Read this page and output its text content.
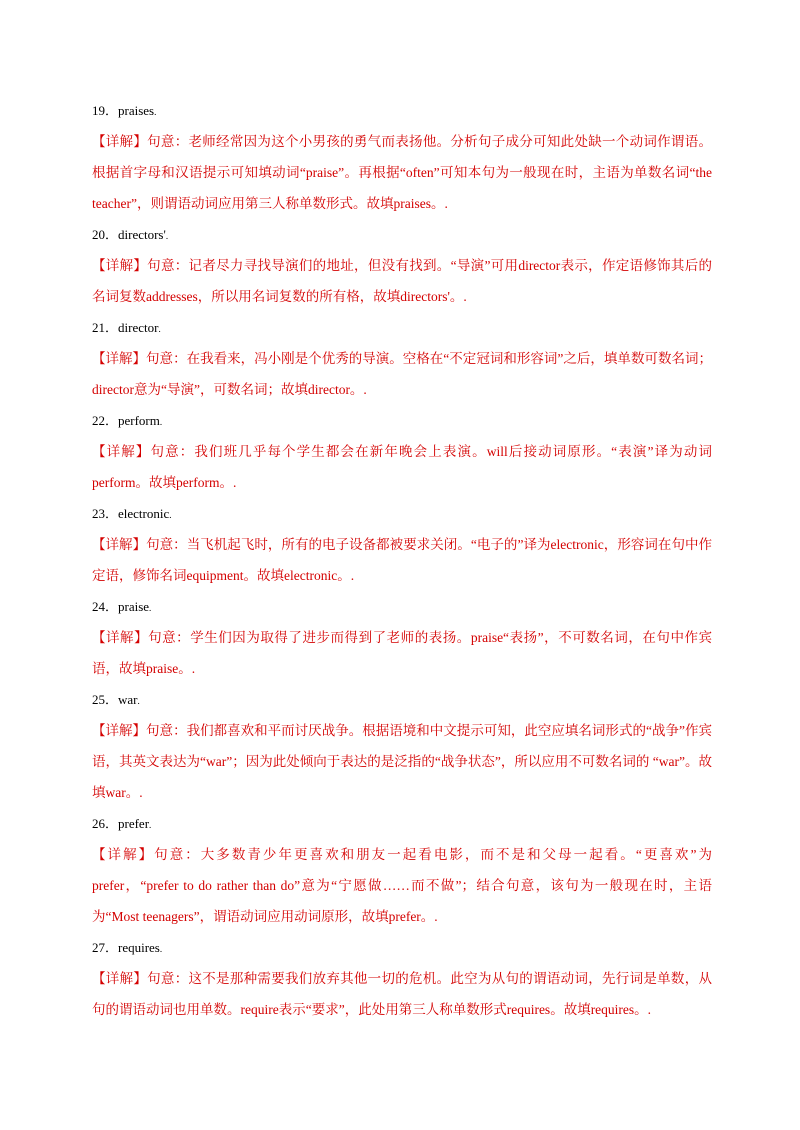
19．praises.
【详解】句意：老师经常因为这个小男孩的勇气而表扬他。分析句子成分可知此处缺一个动词作谓语。根据首字母和汉语提示可知填动词“praise”。再根据“often”可知本句为一般现在时，主语为单数名词“the teacher”，则谓语动词应用第三人称单数形式。故填praises。.
20．directors'.
【详解】句意：记者尽力寻找导演们的地址，但没有找到。“导演”可用director表示，作定语修饰其后的名词复数addresses，所以用名词复数的所有格，故填directors'。.
21．director.
【详解】句意：在我看来，冯小刚是个优秀的导演。空格在“不定冠词和形容词”之后，填单数可数名词；director意为“导演”，可数名词；故填director。.
22．perform.
【详解】句意：我们班几乎每个学生都会在新年晚会上表演。will后接动词原形。“表演”译为动词perform。故填perform。.
23．electronic.
【详解】句意：当飞机起飞时，所有的电子设备都被要求关闭。“电子的”译为electronic，形容词在句中作定语，修饰名词equipment。故填electronic。.
24．praise.
【详解】句意：学生们因为取得了进步而得到了老师的表扬。praise“表扬”，不可数名词，在句中作宾语，故填praise。.
25．war.
【详解】句意：我们都喜欢和平而讨厌战争。根据语境和中文提示可知，此空应填名词形式的“战争”作宾语，其英文表达为“war”；因为此处倾向于表达的是泛指的“战争状态”，所以应用不可数名词的 “war”。故填war。.
26．prefer.
【详解】句意：大多数青少年更喜欢和朋友一起看电影，而不是和父母一起看。“更喜欢”为prefer，“prefer to do rather than do”意为“宁愿做……而不做”；结合句意，该句为一般现在时，主语为“Most teenagers”，谓语动词应用动词原形，故填prefer。.
27．requires.
【详解】句意：这不是那种需要我们放弃其他一切的危机。此空为从句的谓语动词，先行词是单数，从句的谓语动词也用单数。require表示“要求”，此处用第三人称单数形式requires。故填requires。.
